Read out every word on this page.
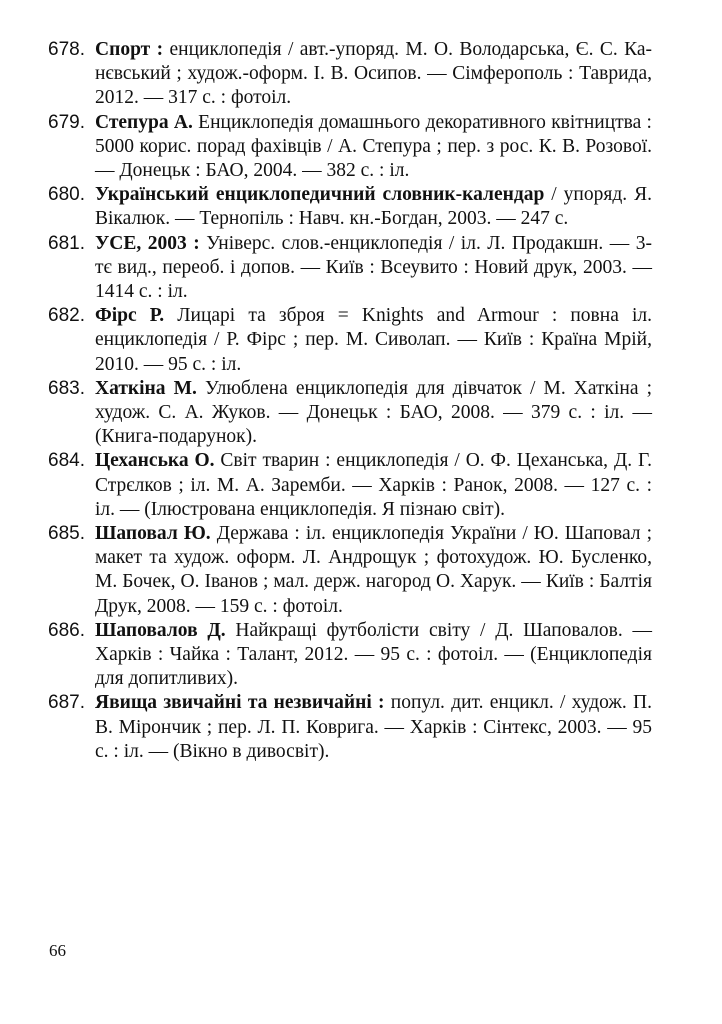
678. Спорт : енциклопедія / авт.-упоряд. М. О. Володарська, Є. С. Ка-нєвський ; худож.-оформ. І. В. Осипов. — Сімферополь : Таврида, 2012. — 317 с. : фотоіл.
679. Степура А. Енциклопедія домашнього декоративного квітництва : 5000 корис. порад фахівців / А. Степура ; пер. з рос. К. В. Розової. — Донецьк : БАО, 2004. — 382 с. : іл.
680. Український енциклопедичний словник-календар / упоряд. Я. Вікалюк. — Тернопіль : Навч. кн.-Богдан, 2003. — 247 с.
681. УСЕ, 2003 : Універс. слов.-енциклопедія / іл. Л. Продакшн. — 3-тє вид., переоб. і допов. — Київ : Всеувито : Новий друк, 2003. — 1414 с. : іл.
682. Фірс Р. Лицарі та зброя = Knights and Armour : повна іл. енциклопедія / Р. Фірс ; пер. М. Сиволап. — Київ : Країна Мрій, 2010. — 95 с. : іл.
683. Хаткіна М. Улюблена енциклопедія для дівчаток / М. Хаткіна ; худож. С. А. Жуков. — Донецьк : БАО, 2008. — 379 с. : іл. — (Книга-подарунок).
684. Цеханська О. Світ тварин : енциклопедія / О. Ф. Цеханська, Д. Г. Стрєлков ; іл. М. А. Заремби. — Харків : Ранок, 2008. — 127 с. : іл. — (Ілюстрована енциклопедія. Я пізнаю світ).
685. Шаповал Ю. Держава : іл. енциклопедія України / Ю. Шаповал ; макет та худож. оформ. Л. Андрощук ; фотохудож. Ю. Бусленко, М. Бочек, О. Іванов ; мал. держ. нагород О. Харук. — Київ : Балтія Друк, 2008. — 159 с. : фотоіл.
686. Шаповалов Д. Найкращі футболісти світу / Д. Шаповалов. — Харків : Чайка : Талант, 2012. — 95 с. : фотоіл. — (Енциклопедія для допитливих).
687. Явища звичайні та незвичайні : попул. дит. енцикл. / худож. П. В. Мірончик ; пер. Л. П. Коврига. — Харків : Сінтекс, 2003. — 95 с. : іл. — (Вікно в дивосвіт).
66
